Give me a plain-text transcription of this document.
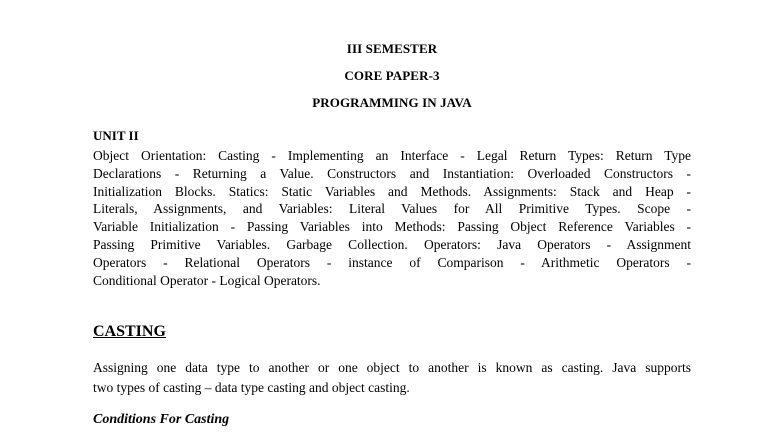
III SEMESTER
CORE PAPER-3
PROGRAMMING IN JAVA
UNIT II
Object Orientation: Casting - Implementing an Interface - Legal Return Types: Return Type
Declarations - Returning a Value. Constructors and Instantiation: Overloaded Constructors -
Initialization Blocks. Statics: Static Variables and Methods. Assignments: Stack and Heap -
Literals, Assignments, and Variables: Literal Values for All Primitive Types. Scope -
Variable Initialization - Passing Variables into Methods: Passing Object Reference Variables -
Passing Primitive Variables. Garbage Collection. Operators: Java Operators - Assignment
Operators - Relational Operators - instance of Comparison - Arithmetic Operators -
Conditional Operator - Logical Operators.
CASTING
Assigning one data type to another or one object to another is known as casting. Java supports
two types of casting – data type casting and object casting.
Conditions For Casting
